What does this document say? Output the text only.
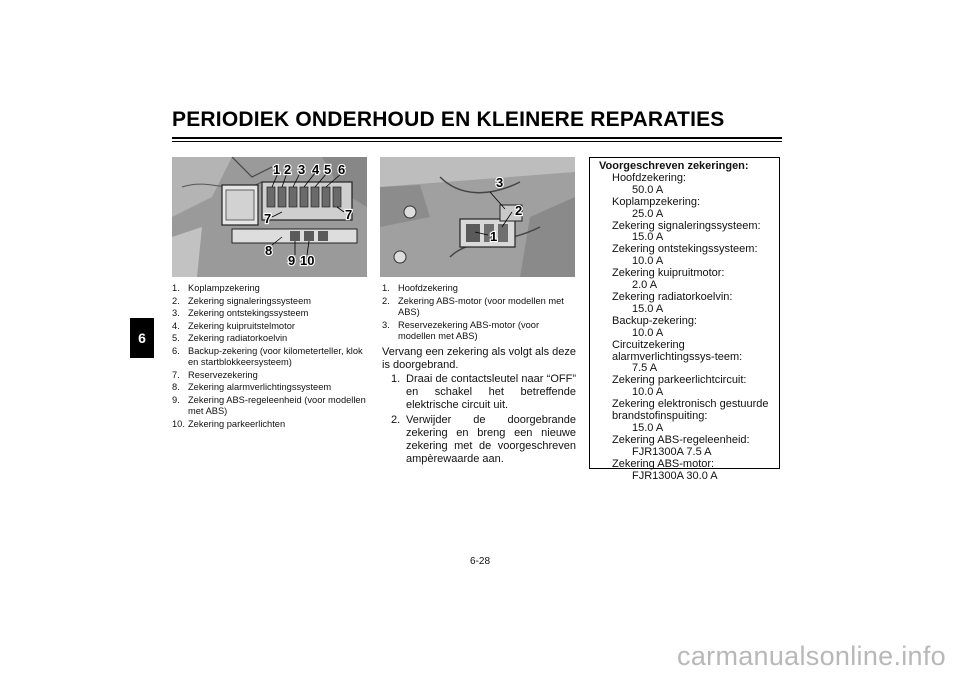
PERIODIEK ONDERHOUD EN KLEINERE REPARATIES
6
1 2 3 4 5 6
7	7
8
9 10
3
2
1
1. Koplampzekering
2. Zekering signaleringssysteem
3. Zekering ontstekingssysteem
4. Zekering kuipruitstelmotor
5. Zekering radiatorkoelvin
6. Backup-zekering (voor kilometerteller, klok en startblokkeersysteem)
7. Reservezekering
8. Zekering alarmverlichtingssysteem
9. Zekering ABS-regeleenheid (voor modellen met ABS)
10. Zekering parkeerlichten
1. Hoofdzekering
2. Zekering ABS-motor (voor modellen met ABS)
3. Reservezekering ABS-motor (voor modellen met ABS)

Vervang een zekering als volgt als deze is doorgebrand.

1. Draai de contactsleutel naar “OFF” en schakel het betreffende elektrische circuit uit.
2. Verwijder de doorgebrande zekering en breng een nieuwe zekering met de voorgeschreven ampèrewaarde aan.
Voorgeschreven zekeringen:
Hoofdzekering:
50.0 A
Koplampzekering:
25.0 A
Zekering signaleringssysteem:
15.0 A
Zekering ontstekingssysteem:
10.0 A
Zekering kuipruitmotor:
2.0 A
Zekering radiatorkoelvin:
15.0 A
Backup-zekering:
10.0 A
Circuitzekering alarmverlichtingssys-teem:
7.5 A
Zekering parkeerlichtcircuit:
10.0 A
Zekering elektronisch gestuurde brandstofinspuiting:
15.0 A
Zekering ABS-regeleenheid:
FJR1300A 7.5 A
Zekering ABS-motor:
FJR1300A 30.0 A
6-28
carmanualsonline.info
